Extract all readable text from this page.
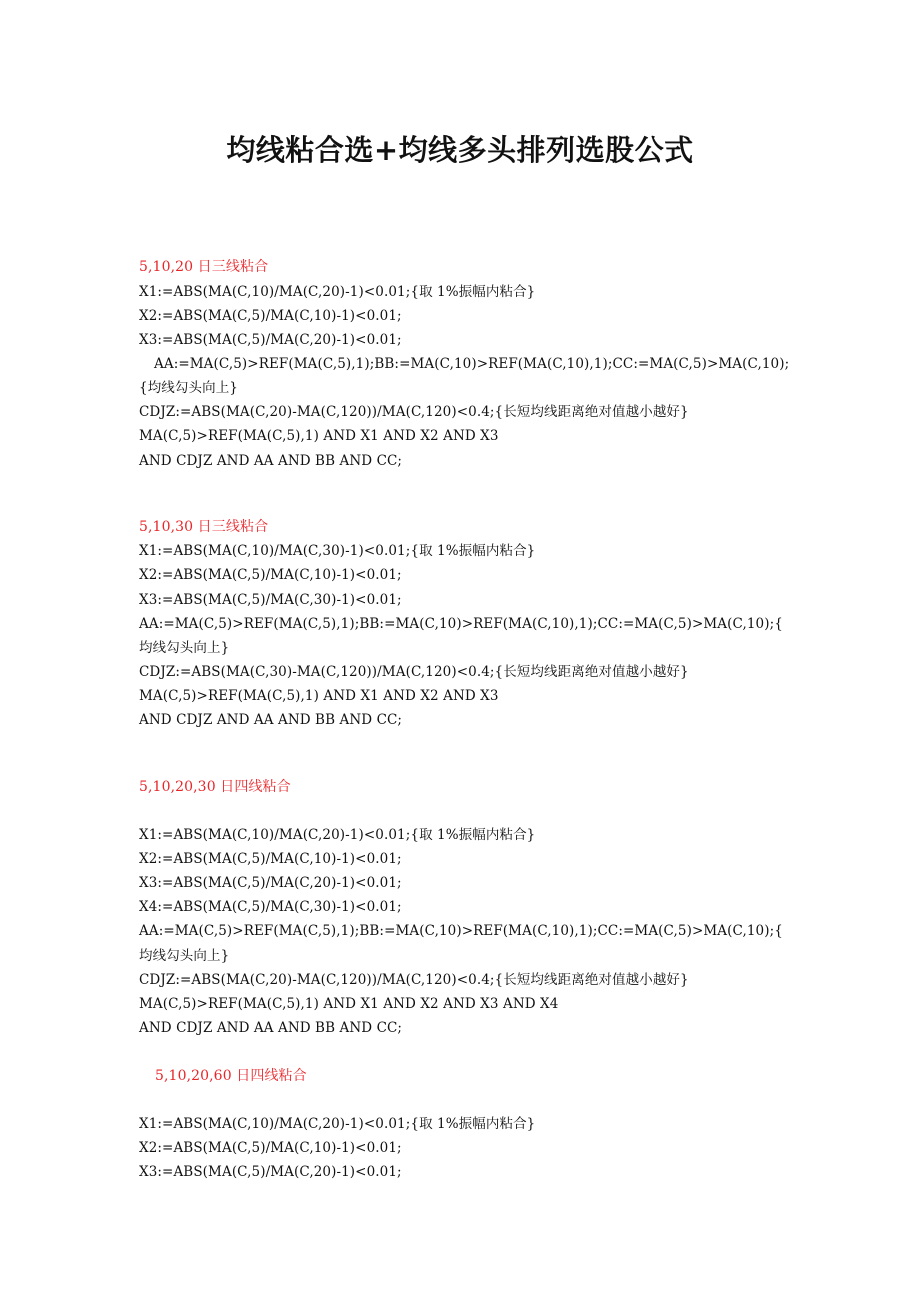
均线粘合选+均线多头排列选股公式
5,10,20 日三线粘合
X1:=ABS(MA(C,10)/MA(C,20)-1)<0.01;{取 1%振幅内粘合}
X2:=ABS(MA(C,5)/MA(C,10)-1)<0.01;
X3:=ABS(MA(C,5)/MA(C,20)-1)<0.01;
AA:=MA(C,5)>REF(MA(C,5),1);BB:=MA(C,10)>REF(MA(C,10),1);CC:=MA(C,5)>MA(C,10);
{均线勾头向上}
CDJZ:=ABS(MA(C,20)-MA(C,120))/MA(C,120)<0.4;{长短均线距离绝对值越小越好}
MA(C,5)>REF(MA(C,5),1) AND X1 AND X2 AND X3
AND CDJZ AND AA AND BB AND CC;
5,10,30 日三线粘合
X1:=ABS(MA(C,10)/MA(C,30)-1)<0.01;{取 1%振幅内粘合}
X2:=ABS(MA(C,5)/MA(C,10)-1)<0.01;
X3:=ABS(MA(C,5)/MA(C,30)-1)<0.01;
AA:=MA(C,5)>REF(MA(C,5),1);BB:=MA(C,10)>REF(MA(C,10),1);CC:=MA(C,5)>MA(C,10);{
均线勾头向上}
CDJZ:=ABS(MA(C,30)-MA(C,120))/MA(C,120)<0.4;{长短均线距离绝对值越小越好}
MA(C,5)>REF(MA(C,5),1) AND X1 AND X2 AND X3
AND CDJZ AND AA AND BB AND CC;
5,10,20,30 日四线粘合
X1:=ABS(MA(C,10)/MA(C,20)-1)<0.01;{取 1%振幅内粘合}
X2:=ABS(MA(C,5)/MA(C,10)-1)<0.01;
X3:=ABS(MA(C,5)/MA(C,20)-1)<0.01;
X4:=ABS(MA(C,5)/MA(C,30)-1)<0.01;
AA:=MA(C,5)>REF(MA(C,5),1);BB:=MA(C,10)>REF(MA(C,10),1);CC:=MA(C,5)>MA(C,10);{
均线勾头向上}
CDJZ:=ABS(MA(C,20)-MA(C,120))/MA(C,120)<0.4;{长短均线距离绝对值越小越好}
MA(C,5)>REF(MA(C,5),1) AND X1 AND X2 AND X3 AND X4
AND CDJZ AND AA AND BB AND CC;
5,10,20,60 日四线粘合
X1:=ABS(MA(C,10)/MA(C,20)-1)<0.01;{取 1%振幅内粘合}
X2:=ABS(MA(C,5)/MA(C,10)-1)<0.01;
X3:=ABS(MA(C,5)/MA(C,20)-1)<0.01;
